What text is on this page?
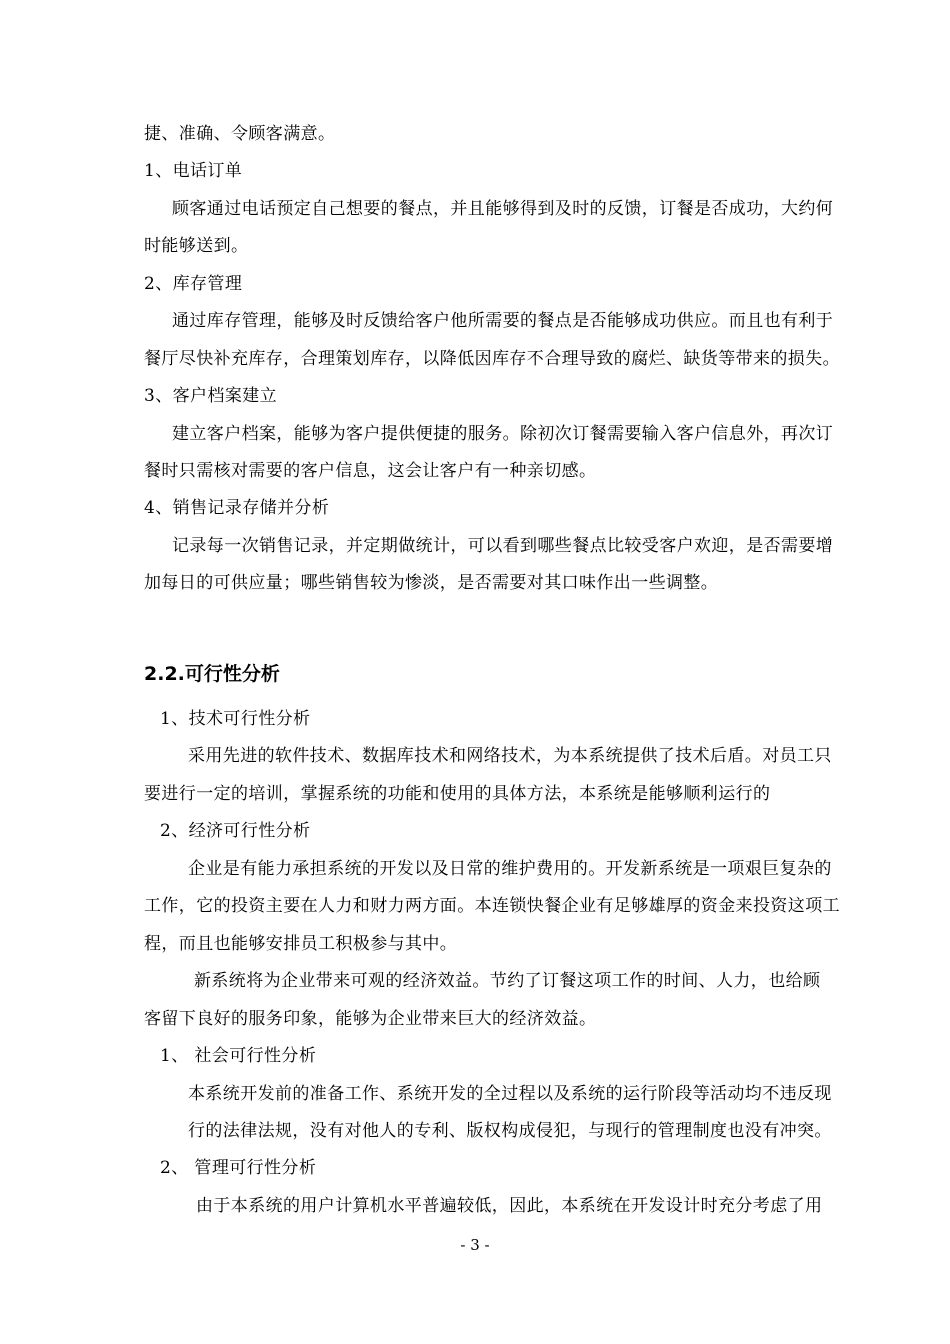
捷、准确、令顾客满意。
1、电话订单
顾客通过电话预定自己想要的餐点，并且能够得到及时的反馈，订餐是否成功，大约何
时能够送到。
2、库存管理
通过库存管理，能够及时反馈给客户他所需要的餐点是否能够成功供应。而且也有利于
餐厅尽快补充库存，合理策划库存，以降低因库存不合理导致的腐烂、缺货等带来的损失。
3、客户档案建立
建立客户档案，能够为客户提供便捷的服务。除初次订餐需要输入客户信息外，再次订
餐时只需核对需要的客户信息，这会让客户有一种亲切感。
4、销售记录存储并分析
记录每一次销售记录，并定期做统计，可以看到哪些餐点比较受客户欢迎，是否需要增
加每日的可供应量；哪些销售较为惨淡，是否需要对其口味作出一些调整。
2.2.可行性分析
1、技术可行性分析
采用先进的软件技术、数据库技术和网络技术，为本系统提供了技术后盾。对员工只
要进行一定的培训，掌握系统的功能和使用的具体方法，本系统是能够顺利运行的
2、经济可行性分析
企业是有能力承担系统的开发以及日常的维护费用的。开发新系统是一项艰巨复杂的
工作，它的投资主要在人力和财力两方面。本连锁快餐企业有足够雄厚的资金来投资这项工
程，而且也能够安排员工积极参与其中。
新系统将为企业带来可观的经济效益。节约了订餐这项工作的时间、人力，也给顾
客留下良好的服务印象，能够为企业带来巨大的经济效益。
1、 社会可行性分析
本系统开发前的准备工作、系统开发的全过程以及系统的运行阶段等活动均不违反现
行的法律法规，没有对他人的专利、版权构成侵犯，与现行的管理制度也没有冲突。
2、 管理可行性分析
由于本系统的用户计算机水平普遍较低，因此，本系统在开发设计时充分考虑了用
- 3 -
